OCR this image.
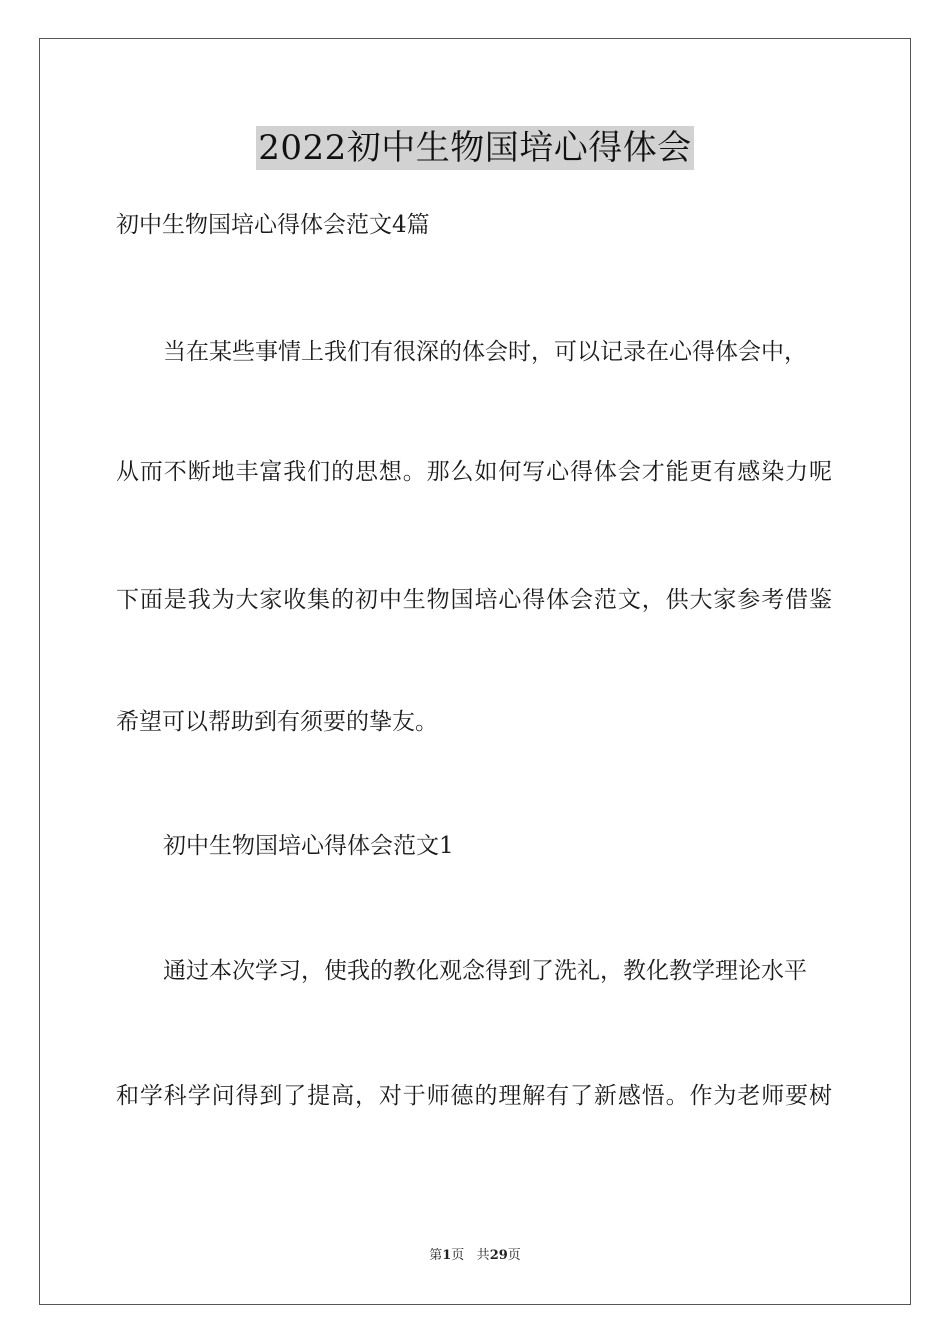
2022初中生物国培心得体会
初中生物国培心得体会范文4篇
当在某些事情上我们有很深的体会时，可以记录在心得体会中，
从而不断地丰富我们的思想。那么如何写心得体会才能更有感染力呢
下面是我为大家收集的初中生物国培心得体会范文，供大家参考借鉴
希望可以帮助到有须要的挚友。
初中生物国培心得体会范文1
通过本次学习，使我的教化观念得到了洗礼，教化教学理论水平
和学科学问得到了提高，对于师德的理解有了新感悟。作为老师要树
第1页 共29页
